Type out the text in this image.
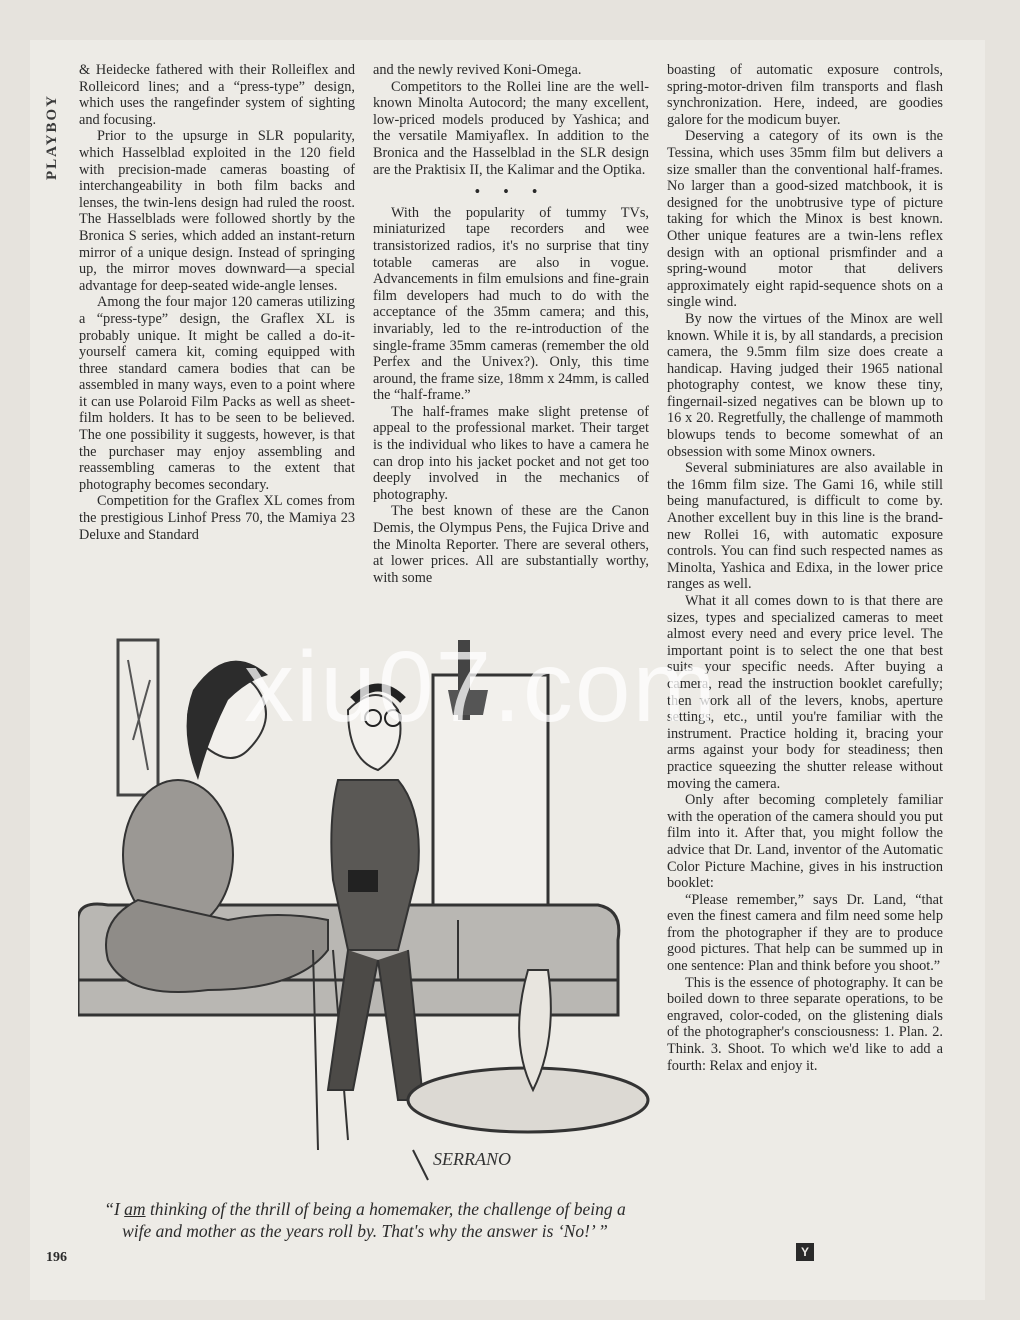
PLAYBOY

& Heidecke fathered with their Rolleiflex and Rolleicord lines; and a “press-type” design, which uses the rangefinder system of sighting and focusing.

Prior to the upsurge in SLR popularity, which Hasselblad exploited in the 120 field with precision-made cameras boasting of interchangeability in both film backs and lenses, the twin-lens design had ruled the roost. The Hasselblads were followed shortly by the Bronica S series, which added an instant-return mirror of a unique design. Instead of springing up, the mirror moves downward—a special advantage for deep-seated wide-angle lenses.

Among the four major 120 cameras utilizing a “press-type” design, the Graflex XL is probably unique. It might be called a do-it-yourself camera kit, coming equipped with three standard camera bodies that can be assembled in many ways, even to a point where it can use Polaroid Film Packs as well as sheet-film holders. It has to be seen to be believed. The one possibility it suggests, however, is that the purchaser may enjoy assembling and reassembling cameras to the extent that photography becomes secondary.

Competition for the Graflex XL comes from the prestigious Linhof Press 70, the Mamiya 23 Deluxe and Standard

and the newly revived Koni-Omega.

Competitors to the Rollei line are the well-known Minolta Autocord; the many excellent, low-priced models produced by Yashica; and the versatile Mamiyaflex. In addition to the Bronica and the Hasselblad in the SLR design are the Praktisix II, the Kalimar and the Optika.

• • •

With the popularity of tummy TVs, miniaturized tape recorders and wee transistorized radios, it's no surprise that tiny totable cameras are also in vogue. Advancements in film emulsions and fine-grain film developers had much to do with the acceptance of the 35mm camera; and this, invariably, led to the re-introduction of the single-frame 35mm cameras (remember the old Perfex and the Univex?). Only, this time around, the frame size, 18mm x 24mm, is called the “half-frame.”

The half-frames make slight pretense of appeal to the professional market. Their target is the individual who likes to have a camera he can drop into his jacket pocket and not get too deeply involved in the mechanics of photography.

The best known of these are the Canon Demis, the Olympus Pens, the Fujica Drive and the Minolta Reporter. There are several others, at lower prices. All are substantially worthy, with some

boasting of automatic exposure controls, spring-motor-driven film transports and flash synchronization. Here, indeed, are goodies galore for the modicum buyer.

Deserving a category of its own is the Tessina, which uses 35mm film but delivers a size smaller than the conventional half-frames. No larger than a good-sized matchbook, it is designed for the unobtrusive type of picture taking for which the Minox is best known. Other unique features are a twin-lens reflex design with an optional prismfinder and a spring-wound motor that delivers approximately eight rapid-sequence shots on a single wind.

By now the virtues of the Minox are well known. While it is, by all standards, a precision camera, the 9.5mm film size does create a handicap. Having judged their 1965 national photography contest, we know these tiny, fingernail-sized negatives can be blown up to 16 x 20. Regretfully, the challenge of mammoth blowups tends to become somewhat of an obsession with some Minox owners.

Several subminiatures are also available in the 16mm film size. The Gami 16, while still being manufactured, is difficult to come by. Another excellent buy in this line is the brand-new Rollei 16, with automatic exposure controls. You can find such respected names as Minolta, Yashica and Edixa, in the lower price ranges as well.

What it all comes down to is that there are sizes, types and specialized cameras to meet almost every need and every price level. The important point is to select the one that best suits your specific needs. After buying a camera, read the instruction booklet carefully; then work all of the levers, knobs, aperture settings, etc., until you're familiar with the instrument. Practice holding it, bracing your arms against your body for steadiness; then practice squeezing the shutter release without moving the camera.

Only after becoming completely familiar with the operation of the camera should you put film into it. After that, you might follow the advice that Dr. Land, inventor of the Automatic Color Picture Machine, gives in his instruction booklet:

“Please remember,” says Dr. Land, “that even the finest camera and film need some help from the photographer if they are to produce good pictures. That help can be summed up in one sentence: Plan and think before you shoot.”

This is the essence of photography. It can be boiled down to three separate operations, to be engraved, color-coded, on the glistening dials of the photographer's consciousness: 1. Plan. 2. Think. 3. Shoot. To which we'd like to add a fourth: Relax and enjoy it.

SERRANO
“I am thinking of the thrill of being a homemaker, the challenge of being a wife and mother as the years roll by. That's why the answer is ‘No!’ ”
196	Y
xiu07.com
